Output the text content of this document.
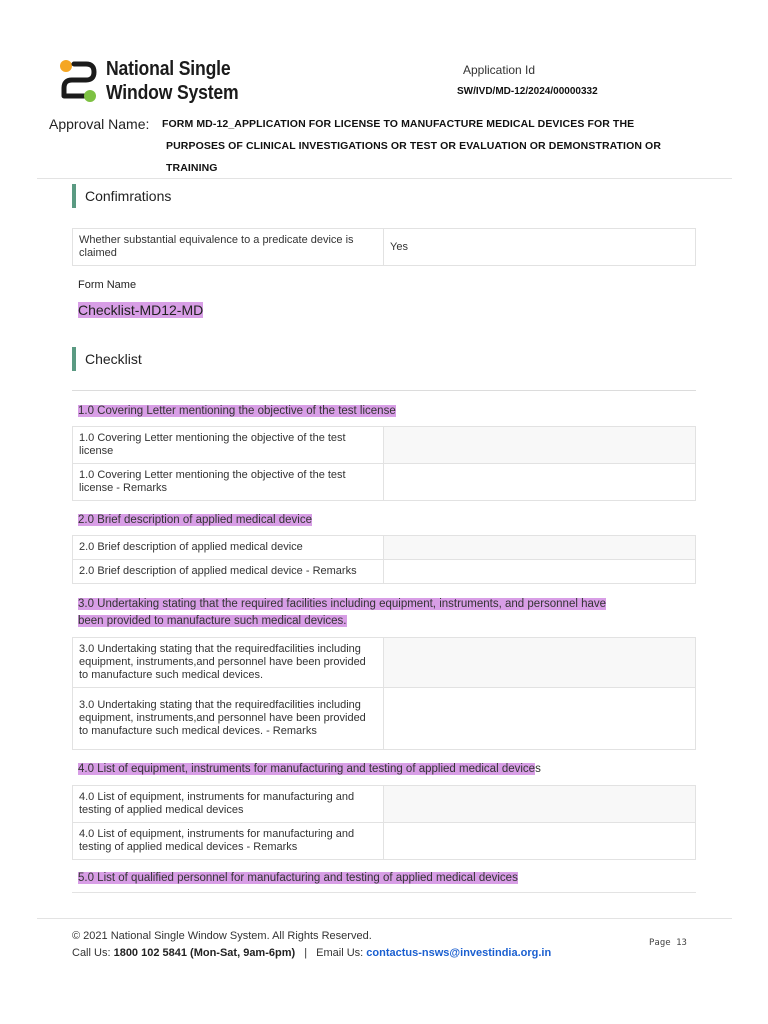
National Single
Window System
Application Id
SW/IVD/MD-12/2024/00000332
Approval Name: FORM MD-12_APPLICATION FOR LICENSE TO MANUFACTURE MEDICAL DEVICES FOR THE
PURPOSES OF CLINICAL INVESTIGATIONS OR TEST OR EVALUATION OR DEMONSTRATION OR
TRAINING
Confimrations
Whether substantial equivalence to a predicate device is claimed	Yes
Form Name
Checklist-MD12-MD
Checklist
1.0 Covering Letter mentioning the objective of the test license
1.0 Covering Letter mentioning the objective of the test license	
1.0 Covering Letter mentioning the objective of the test license - Remarks	
2.0 Brief description of applied medical device
2.0 Brief description of applied medical device	
2.0 Brief description of applied medical device - Remarks	
3.0 Undertaking stating that the required facilities including equipment, instruments, and personnel have
been provided to manufacture such medical devices.
3.0 Undertaking stating that the requiredfacilities including equipment, instruments,and personnel have been provided to manufacture such medical devices.	
3.0 Undertaking stating that the requiredfacilities including equipment, instruments,and personnel have been provided to manufacture such medical devices. - Remarks	
4.0 List of equipment, instruments for manufacturing and testing of applied medical devices
4.0 List of equipment, instruments for manufacturing and testing of applied medical devices	
4.0 List of equipment, instruments for manufacturing and testing of applied medical devices - Remarks	
5.0 List of qualified personnel for manufacturing and testing of applied medical devices
© 2021 National Single Window System. All Rights Reserved.
Call Us: 1800 102 5841 (Mon-Sat, 9am-6pm) | Email Us: contactus-nsws@investindia.org.in
Page 13
